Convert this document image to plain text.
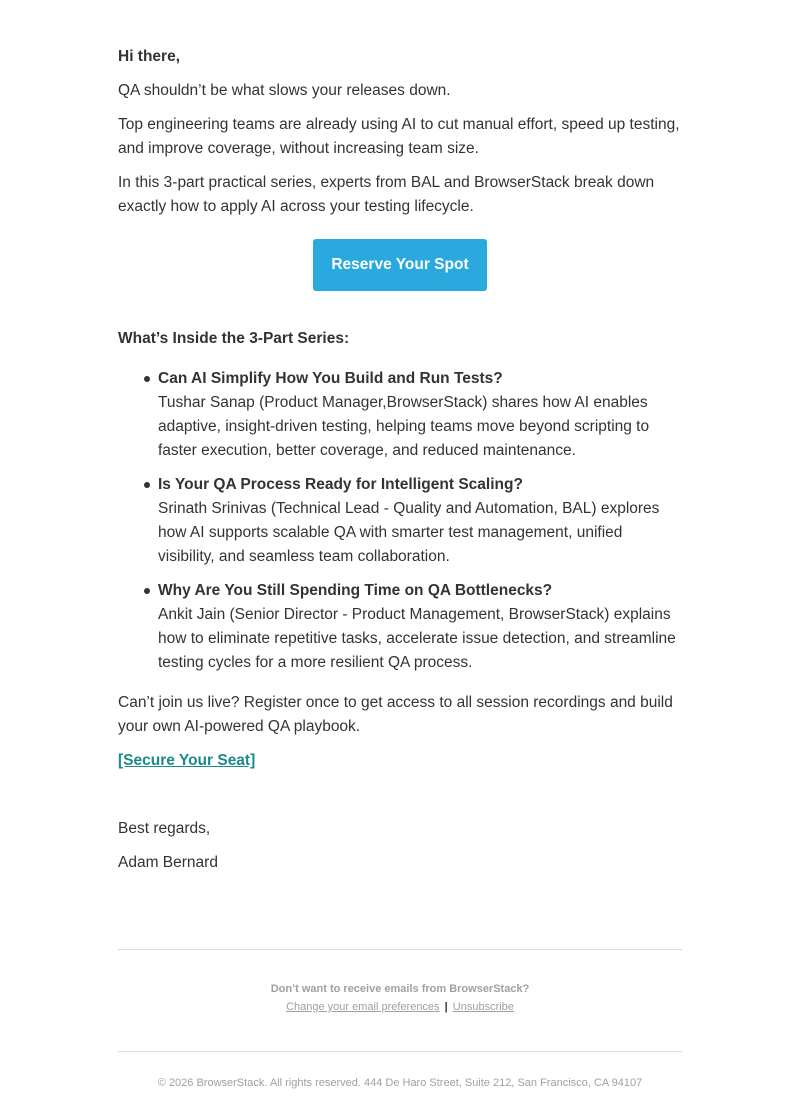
Hi there,

QA shouldn’t be what slows your releases down.

Top engineering teams are already using AI to cut manual effort, speed up testing, and improve coverage, without increasing team size.

In this 3-part practical series, experts from BAL and BrowserStack break down exactly how to apply AI across your testing lifecycle.

Reserve Your Spot

What’s Inside the 3-Part Series:

Can AI Simplify How You Build and Run Tests?
Tushar Sanap (Product Manager,BrowserStack) shares how AI enables adaptive, insight-driven testing, helping teams move beyond scripting to faster execution, better coverage, and reduced maintenance.
Is Your QA Process Ready for Intelligent Scaling?
Srinath Srinivas (Technical Lead - Quality and Automation, BAL) explores how AI supports scalable QA with smarter test management, unified visibility, and seamless team collaboration.
Why Are You Still Spending Time on QA Bottlenecks?
Ankit Jain (Senior Director - Product Management, BrowserStack) explains how to eliminate repetitive tasks, accelerate issue detection, and streamline testing cycles for a more resilient QA process.

Can’t join us live? Register once to get access to all session recordings and build your own AI-powered QA playbook.

[Secure Your Seat]

Best regards,

Adam Bernard

Don’t want to receive emails from BrowserStack?
Change your email preferences | Unsubscribe
© 2026 BrowserStack. All rights reserved. 444 De Haro Street, Suite 212, San Francisco, CA 94107
